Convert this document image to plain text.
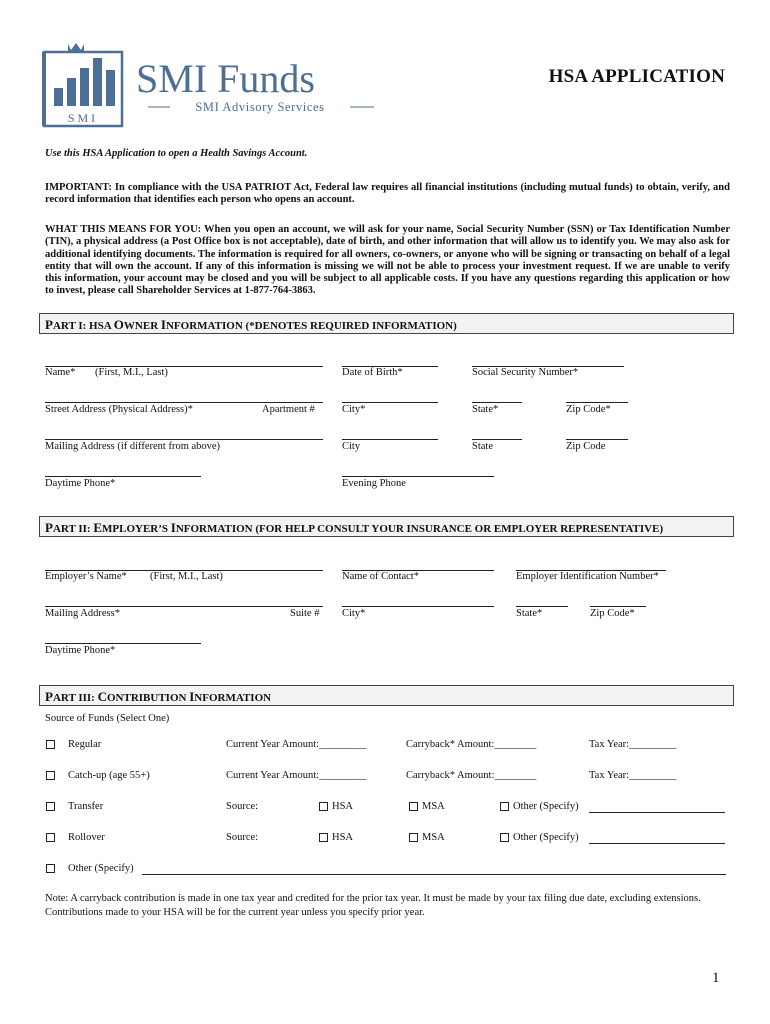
SMI
SMI Funds
SMI Advisory Services
HSA APPLICATION
Use this HSA Application to open a Health Savings Account.
IMPORTANT: In compliance with the USA PATRIOT Act, Federal law requires all financial institutions (including mutual funds) to obtain, verify, and record information that identifies each person who opens an account.
WHAT THIS MEANS FOR YOU: When you open an account, we will ask for your name, Social Security Number (SSN) or Tax Identification Number (TIN), a physical address (a Post Office box is not acceptable), date of birth, and other information that will allow us to identify you. We may also ask for additional identifying documents. The information is required for all owners, co-owners, or anyone who will be signing or transacting on behalf of a legal entity that will own the account. If any of this information is missing we will not be able to process your investment request. If we are unable to verify this information, your account may be closed and you will be subject to all applicable costs. If you have any questions regarding this application or how to invest, please call Shareholder Services at 1-877-764-3863.
PART I: HSA OWNER INFORMATION (*DENOTES REQUIRED INFORMATION)
Name* (First, M.I., Last)	Date of Birth*	Social Security Number*
Street Address (Physical Address)*	Apartment #	City*	State*	Zip Code*
Mailing Address (if different from above)	City	State	Zip Code
Daytime Phone*	Evening Phone
PART II: EMPLOYER’S INFORMATION (FOR HELP CONSULT YOUR INSURANCE OR EMPLOYER REPRESENTATIVE)
Employer’s Name* (First, M.I., Last)	Name of Contact*	Employer Identification Number*
Mailing Address*	Suite # City*	State*	Zip Code*
Daytime Phone*
PART III: CONTRIBUTION INFORMATION
Source of Funds (Select One)
Regular	Current Year Amount:_________	Carryback* Amount:________	Tax Year:_________
Catch-up (age 55+)	Current Year Amount:_________	Carryback* Amount:________	Tax Year:_________
Transfer	Source:	HSA	MSA	Other (Specify)
Rollover	Source:	HSA	MSA	Other (Specify)
Other (Specify)
Note: A carryback contribution is made in one tax year and credited for the prior tax year. It must be made by your tax filing due date, excluding extensions. Contributions made to your HSA will be for the current year unless you specify prior year.
1
